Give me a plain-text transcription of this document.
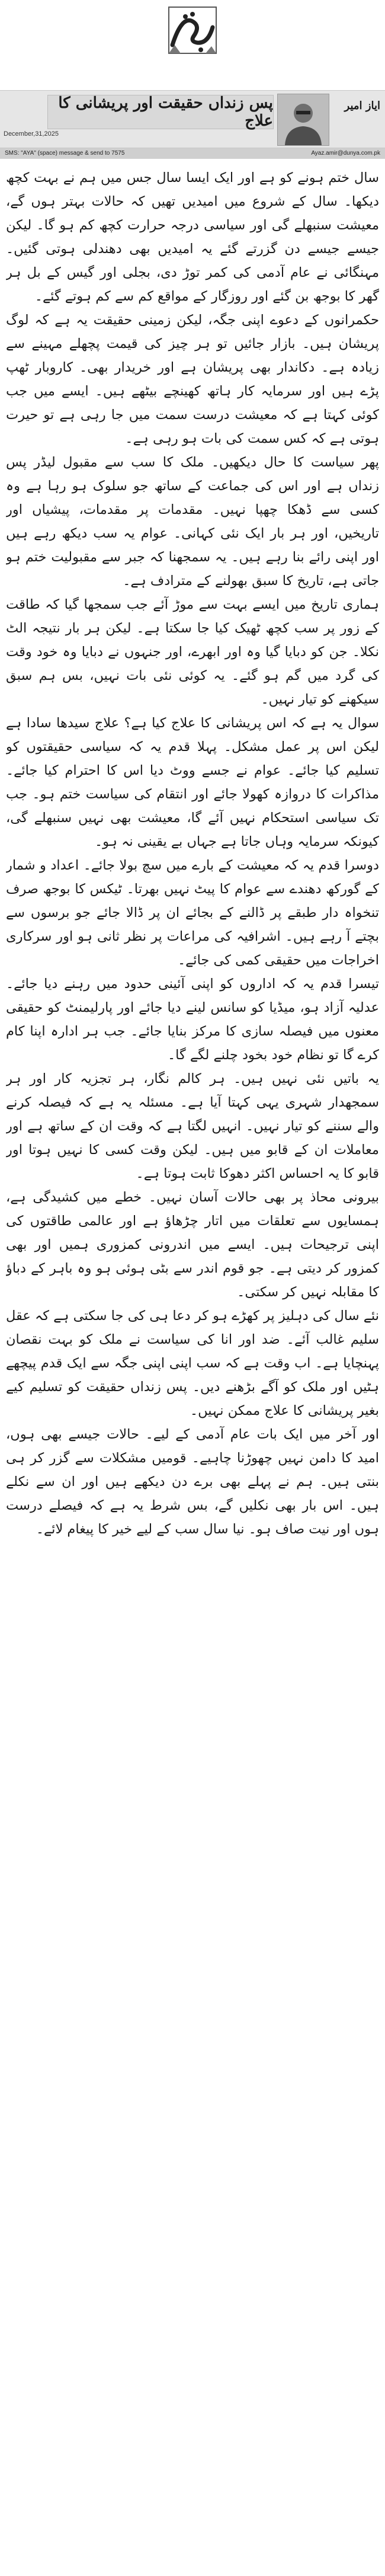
پس زنداں حقیقت اور پریشانی کا علاج
ایاز امیر
December,31,2025
SMS: "AYA" (space) message & send to 7575	Ayaz.amir@dunya.com.pk

سال ختم ہونے کو ہے اور ایک ایسا سال جس میں ہم نے بہت کچھ دیکھا۔ سال کے شروع میں امیدیں تھیں کہ حالات بہتر ہوں گے، معیشت سنبھلے گی اور سیاسی درجہ حرارت کچھ کم ہو گا۔ لیکن جیسے جیسے دن گزرتے گئے یہ امیدیں بھی دھندلی ہوتی گئیں۔ مہنگائی نے عام آدمی کی کمر توڑ دی، بجلی اور گیس کے بل ہر گھر کا بوجھ بن گئے اور روزگار کے مواقع کم سے کم ہوتے گئے۔

حکمرانوں کے دعوے اپنی جگہ، لیکن زمینی حقیقت یہ ہے کہ لوگ پریشان ہیں۔ بازار جائیں تو ہر چیز کی قیمت پچھلے مہینے سے زیادہ ہے۔ دکاندار بھی پریشان ہے اور خریدار بھی۔ کاروبار ٹھپ پڑے ہیں اور سرمایہ کار ہاتھ کھینچے بیٹھے ہیں۔ ایسے میں جب کوئی کہتا ہے کہ معیشت درست سمت میں جا رہی ہے تو حیرت ہوتی ہے کہ کس سمت کی بات ہو رہی ہے۔

پھر سیاست کا حال دیکھیں۔ ملک کا سب سے مقبول لیڈر پس زنداں ہے اور اس کی جماعت کے ساتھ جو سلوک ہو رہا ہے وہ کسی سے ڈھکا چھپا نہیں۔ مقدمات پر مقدمات، پیشیاں اور تاریخیں، اور ہر بار ایک نئی کہانی۔ عوام یہ سب دیکھ رہے ہیں اور اپنی رائے بنا رہے ہیں۔ یہ سمجھنا کہ جبر سے مقبولیت ختم ہو جاتی ہے، تاریخ کا سبق بھولنے کے مترادف ہے۔

ہماری تاریخ میں ایسے بہت سے موڑ آئے جب سمجھا گیا کہ طاقت کے زور پر سب کچھ ٹھیک کیا جا سکتا ہے۔ لیکن ہر بار نتیجہ الٹ نکلا۔ جن کو دبایا گیا وہ اور ابھرے، اور جنہوں نے دبایا وہ خود وقت کی گرد میں گم ہو گئے۔ یہ کوئی نئی بات نہیں، بس ہم سبق سیکھنے کو تیار نہیں۔

سوال یہ ہے کہ اس پریشانی کا علاج کیا ہے؟ علاج سیدھا سادا ہے لیکن اس پر عمل مشکل۔ پہلا قدم یہ کہ سیاسی حقیقتوں کو تسلیم کیا جائے۔ عوام نے جسے ووٹ دیا اس کا احترام کیا جائے۔ مذاکرات کا دروازہ کھولا جائے اور انتقام کی سیاست ختم ہو۔ جب تک سیاسی استحکام نہیں آئے گا، معیشت بھی نہیں سنبھلے گی، کیونکہ سرمایہ وہاں جاتا ہے جہاں بے یقینی نہ ہو۔

دوسرا قدم یہ کہ معیشت کے بارے میں سچ بولا جائے۔ اعداد و شمار کے گورکھ دھندے سے عوام کا پیٹ نہیں بھرتا۔ ٹیکس کا بوجھ صرف تنخواہ دار طبقے پر ڈالنے کے بجائے ان پر ڈالا جائے جو برسوں سے بچتے آ رہے ہیں۔ اشرافیہ کی مراعات پر نظر ثانی ہو اور سرکاری اخراجات میں حقیقی کمی کی جائے۔

تیسرا قدم یہ کہ اداروں کو اپنی آئینی حدود میں رہنے دیا جائے۔ عدلیہ آزاد ہو، میڈیا کو سانس لینے دیا جائے اور پارلیمنٹ کو حقیقی معنوں میں فیصلہ سازی کا مرکز بنایا جائے۔ جب ہر ادارہ اپنا کام کرے گا تو نظام خود بخود چلنے لگے گا۔

یہ باتیں نئی نہیں ہیں۔ ہر کالم نگار، ہر تجزیہ کار اور ہر سمجھدار شہری یہی کہتا آیا ہے۔ مسئلہ یہ ہے کہ فیصلہ کرنے والے سننے کو تیار نہیں۔ انہیں لگتا ہے کہ وقت ان کے ساتھ ہے اور معاملات ان کے قابو میں ہیں۔ لیکن وقت کسی کا نہیں ہوتا اور قابو کا یہ احساس اکثر دھوکا ثابت ہوتا ہے۔

بیرونی محاذ پر بھی حالات آسان نہیں۔ خطے میں کشیدگی ہے، ہمسایوں سے تعلقات میں اتار چڑھاؤ ہے اور عالمی طاقتوں کی اپنی ترجیحات ہیں۔ ایسے میں اندرونی کمزوری ہمیں اور بھی کمزور کر دیتی ہے۔ جو قوم اندر سے بٹی ہوئی ہو وہ باہر کے دباؤ کا مقابلہ نہیں کر سکتی۔

نئے سال کی دہلیز پر کھڑے ہو کر دعا ہی کی جا سکتی ہے کہ عقل سلیم غالب آئے۔ ضد اور انا کی سیاست نے ملک کو بہت نقصان پہنچایا ہے۔ اب وقت ہے کہ سب اپنی اپنی جگہ سے ایک قدم پیچھے ہٹیں اور ملک کو آگے بڑھنے دیں۔ پس زنداں حقیقت کو تسلیم کیے بغیر پریشانی کا علاج ممکن نہیں۔

اور آخر میں ایک بات عام آدمی کے لیے۔ حالات جیسے بھی ہوں، امید کا دامن نہیں چھوڑنا چاہیے۔ قومیں مشکلات سے گزر کر ہی بنتی ہیں۔ ہم نے پہلے بھی برے دن دیکھے ہیں اور ان سے نکلے ہیں۔ اس بار بھی نکلیں گے، بس شرط یہ ہے کہ فیصلے درست ہوں اور نیت صاف ہو۔ نیا سال سب کے لیے خیر کا پیغام لائے۔
